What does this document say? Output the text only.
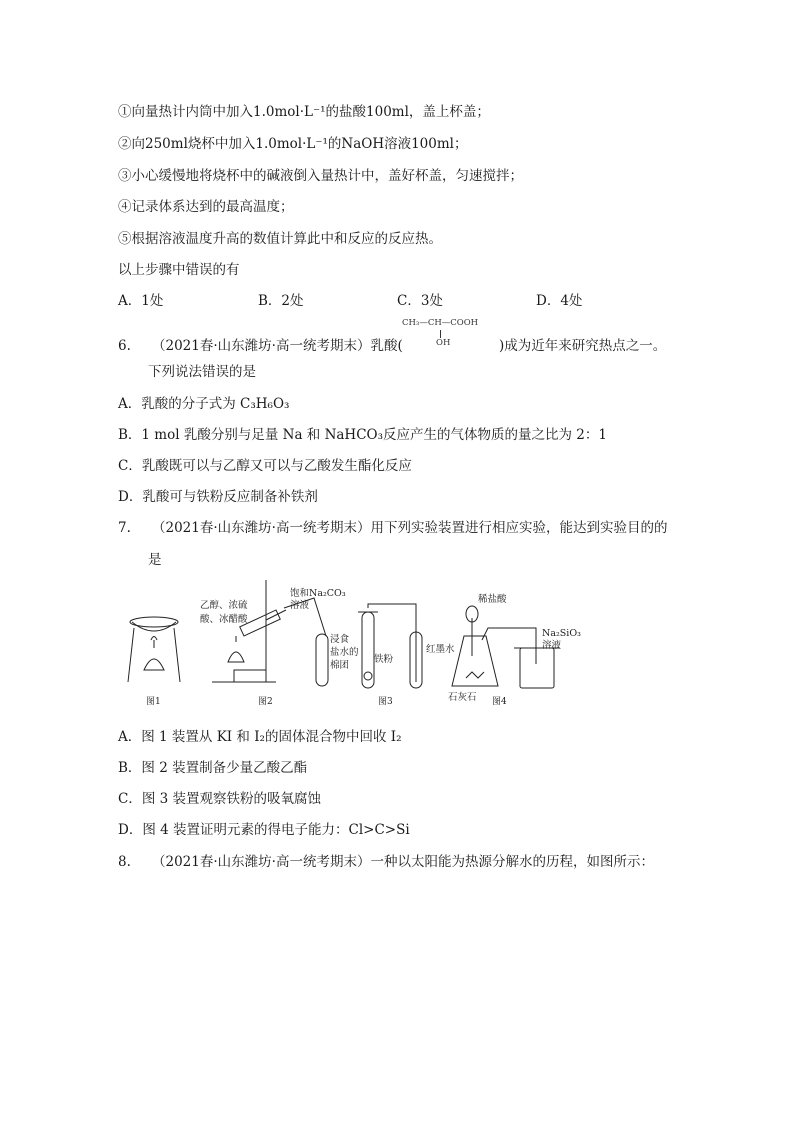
①向量热计内筒中加入1.0mol·L⁻¹的盐酸100ml，盖上杯盖；
②向250ml烧杯中加入1.0mol·L⁻¹的NaOH溶液100ml；
③小心缓慢地将烧杯中的碱液倒入量热计中，盖好杯盖，匀速搅拌；
④记录体系达到的最高温度；
⑤根据溶液温度升高的数值计算此中和反应的反应热。
以上步骤中错误的有
A．1处	B．2处	C．3处	D．4处
6. （2021春·山东潍坊·高一统考期末）乳酸(
CH₃—CH—COOH
OH	)成为近年来研究热点之一。
下列说法错误的是
A．乳酸的分子式为 C₃H₆O₃
B．1 mol 乳酸分别与足量 Na 和 NaHCO₃反应产生的气体物质的量之比为 2：1
C．乳酸既可以与乙醇又可以与乙酸发生酯化反应
D．乳酸可与铁粉反应制备补铁剂
7. （2021春·山东潍坊·高一统考期末）用下列实验装置进行相应实验，能达到实验目的的
是
乙醇、浓硫
酸、冰醋酸
饱和Na₂CO₃
溶液
浸食
盐水的
棉团
铁粉
红墨水
稀盐酸
石灰石
Na₂SiO₃
溶液
图1	图2	图3	图4
A．图 1 装置从 KI 和 I₂的固体混合物中回收 I₂
B．图 2 装置制备少量乙酸乙酯
C．图 3 装置观察铁粉的吸氧腐蚀
D．图 4 装置证明元素的得电子能力：Cl>C>Si
8. （2021春·山东潍坊·高一统考期末）一种以太阳能为热源分解水的历程，如图所示：
